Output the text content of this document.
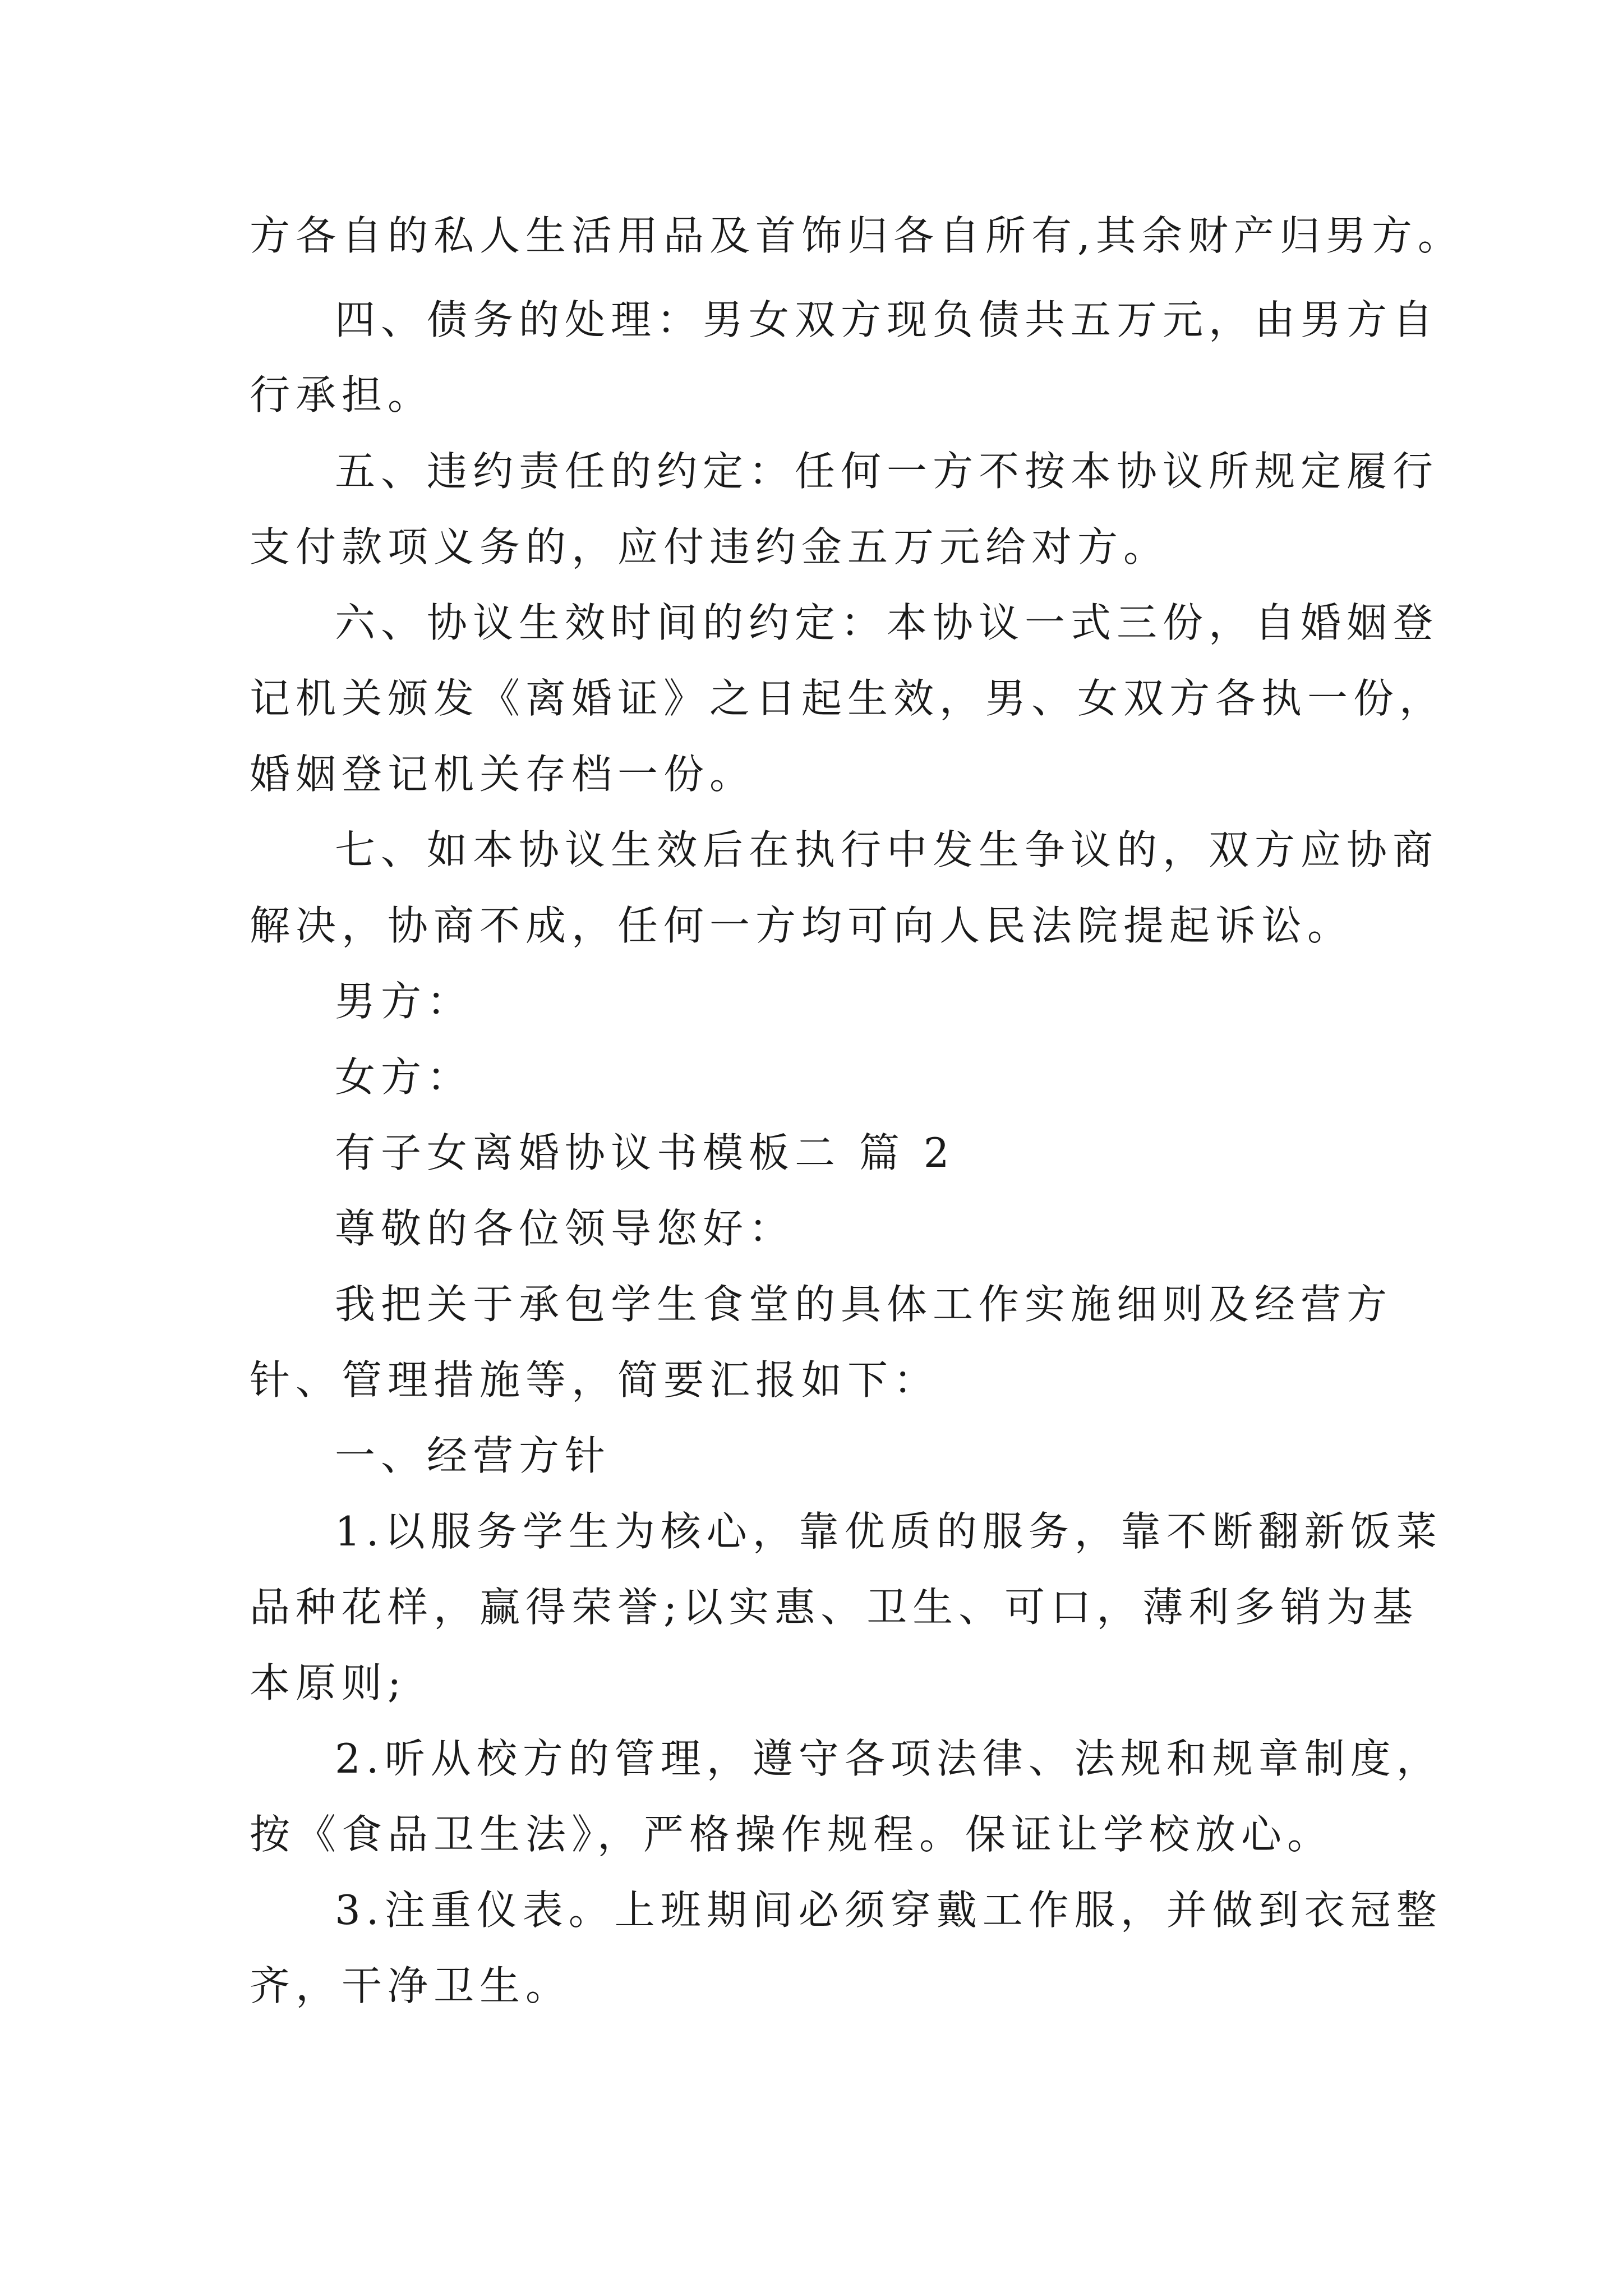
方各自的私人生活用品及首饰归各自所有,其余财产归男方。
四、债务的处理：男女双方现负债共五万元，由男方自
行承担。
五、违约责任的约定：任何一方不按本协议所规定履行
支付款项义务的，应付违约金五万元给对方。
六、协议生效时间的约定：本协议一式三份，自婚姻登
记机关颁发《离婚证》之日起生效，男、女双方各执一份，
婚姻登记机关存档一份。
七、如本协议生效后在执行中发生争议的，双方应协商
解决，协商不成，任何一方均可向人民法院提起诉讼。
男方：
女方：
有子女离婚协议书模板二 篇 2
尊敬的各位领导您好：
我把关于承包学生食堂的具体工作实施细则及经营方
针、管理措施等，简要汇报如下：
一、经营方针
1.以服务学生为核心，靠优质的服务，靠不断翻新饭菜
品种花样，赢得荣誉;以实惠、卫生、可口，薄利多销为基
本原则;
2.听从校方的管理，遵守各项法律、法规和规章制度，
按《食品卫生法》，严格操作规程。保证让学校放心。
3.注重仪表。上班期间必须穿戴工作服，并做到衣冠整
齐，干净卫生。
